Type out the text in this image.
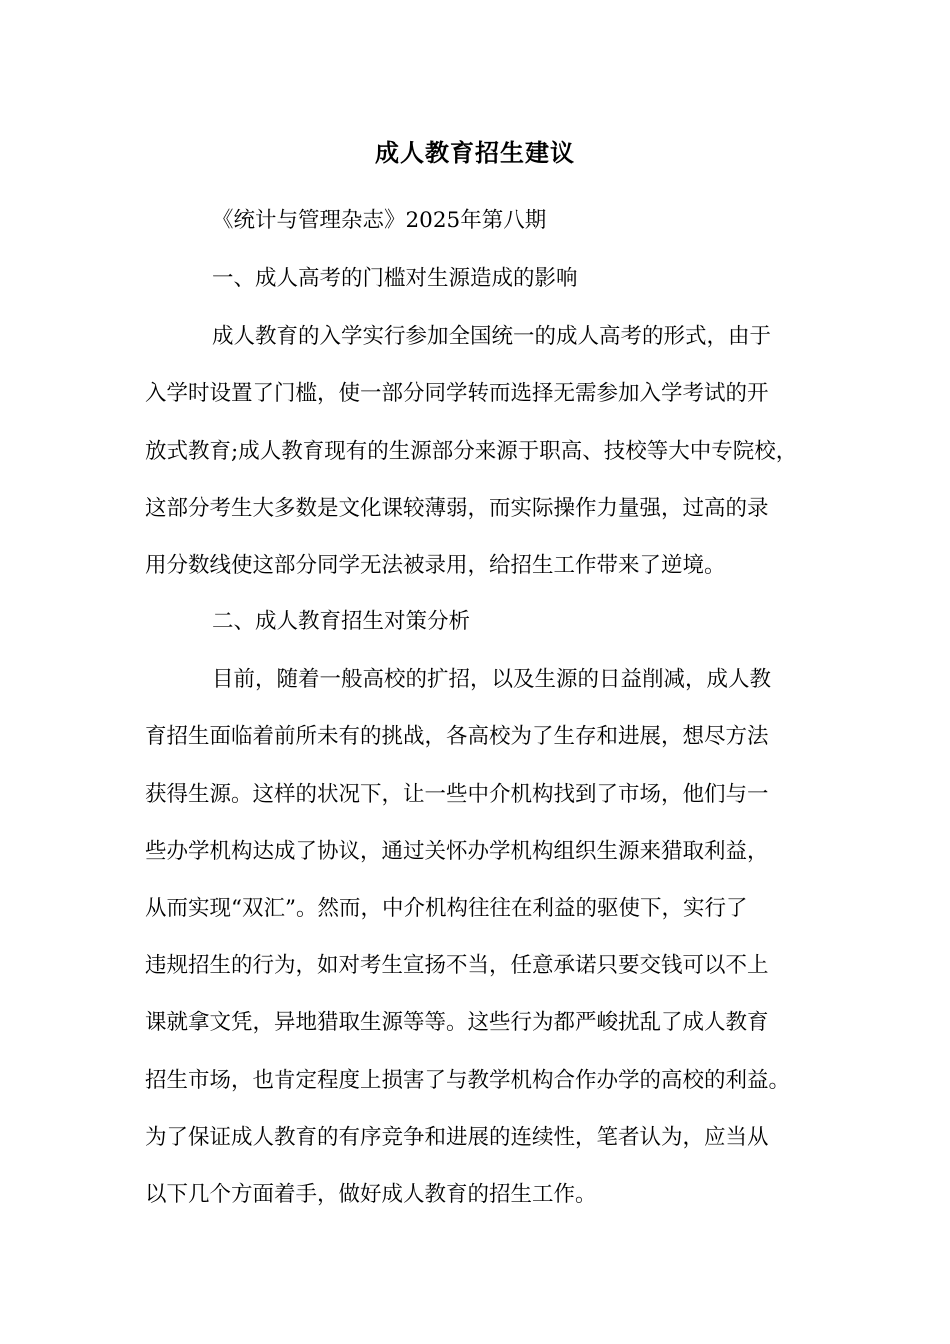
成人教育招生建议
《统计与管理杂志》2025年第八期
一、成人高考的门槛对生源造成的影响
成人教育的入学实行参加全国统一的成人高考的形式，由于
入学时设置了门槛，使一部分同学转而选择无需参加入学考试的开
放式教育;成人教育现有的生源部分来源于职高、技校等大中专院校，
这部分考生大多数是文化课较薄弱，而实际操作力量强，过高的录
用分数线使这部分同学无法被录用，给招生工作带来了逆境。
二、成人教育招生对策分析
目前，随着一般高校的扩招，以及生源的日益削减，成人教
育招生面临着前所未有的挑战，各高校为了生存和进展，想尽方法
获得生源。这样的状况下，让一些中介机构找到了市场，他们与一
些办学机构达成了协议，通过关怀办学机构组织生源来猎取利益，
从而实现“双汇”。然而，中介机构往往在利益的驱使下，实行了
违规招生的行为，如对考生宣扬不当，任意承诺只要交钱可以不上
课就拿文凭，异地猎取生源等等。这些行为都严峻扰乱了成人教育
招生市场，也肯定程度上损害了与教学机构合作办学的高校的利益。
为了保证成人教育的有序竞争和进展的连续性，笔者认为，应当从
以下几个方面着手，做好成人教育的招生工作。
